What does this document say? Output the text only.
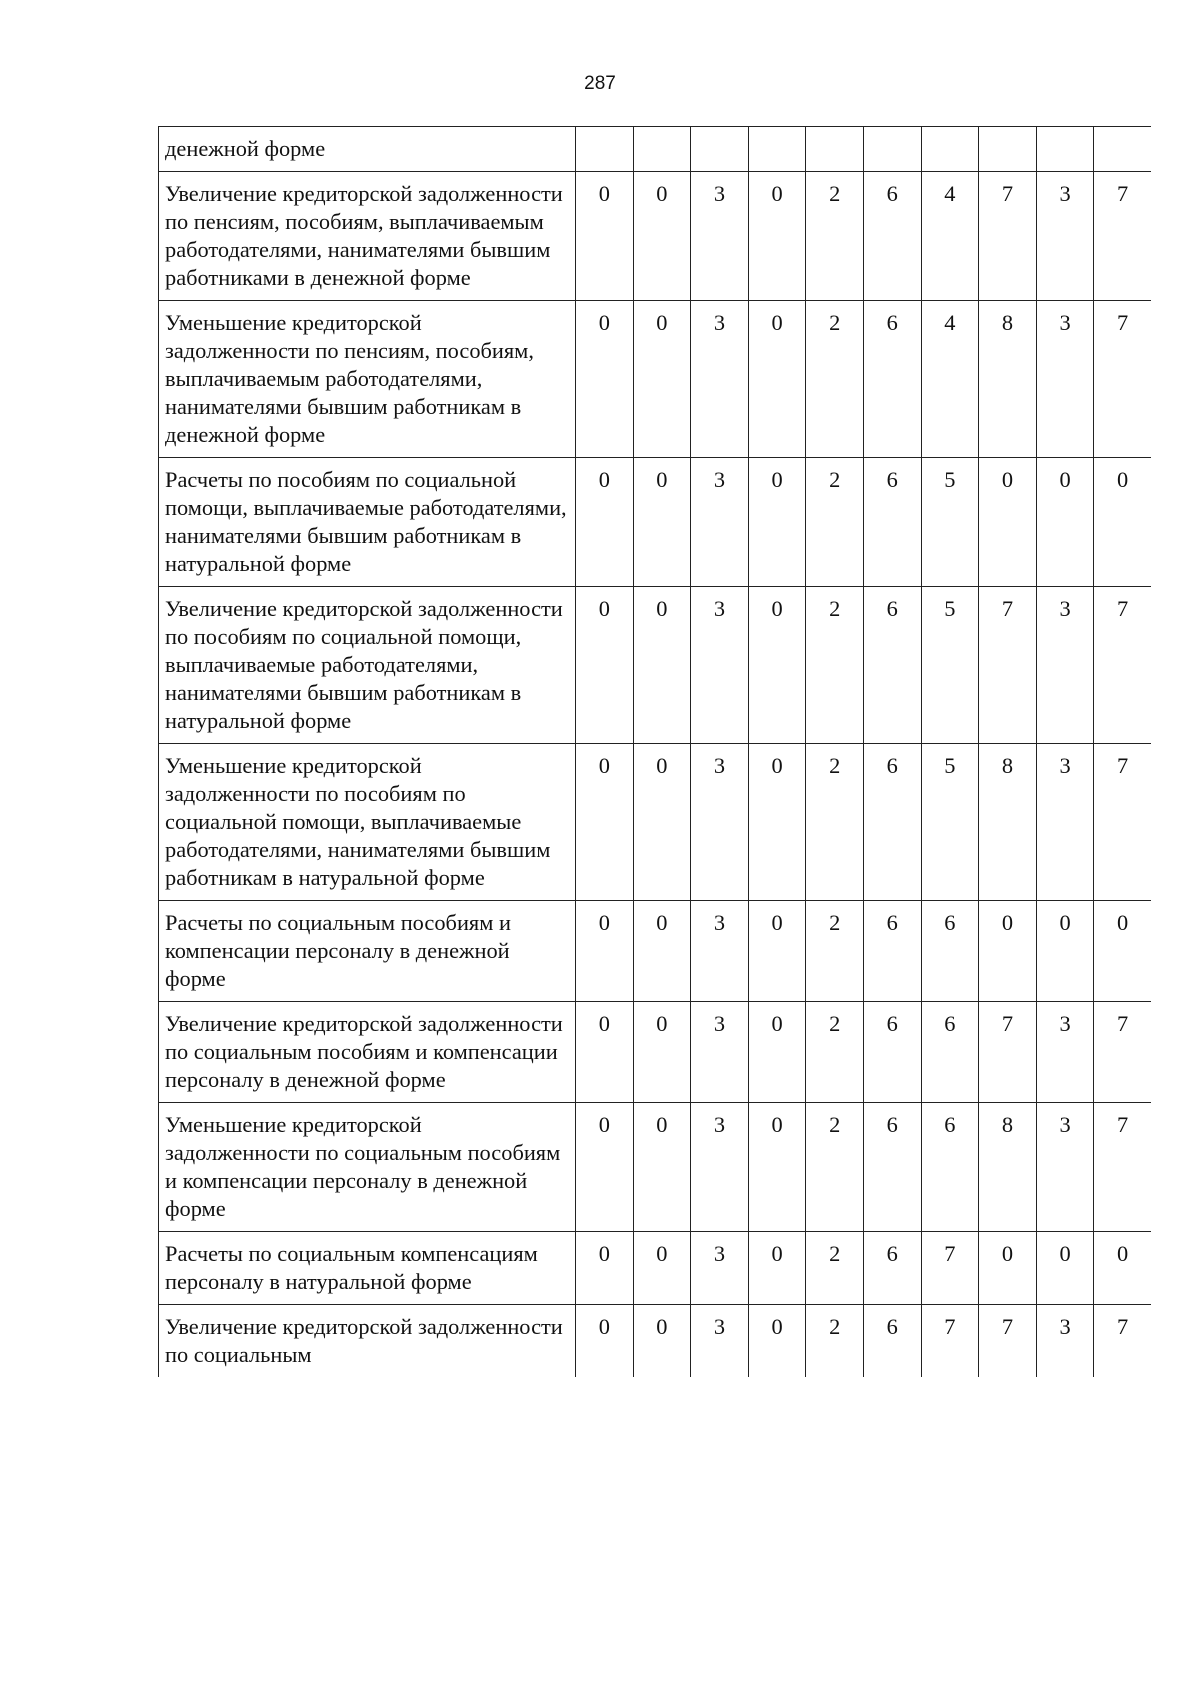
287
денежной форме										
Увеличение кредиторской задолженности по пенсиям, пособиям, выплачиваемым работодателями, нанимателями бывшим работниками в денежной форме	0	0	3	0	2	6	4	7	3	7
Уменьшение кредиторской задолженности по пенсиям, пособиям, выплачиваемым работодателями, нанимателями бывшим работникам в денежной форме	0	0	3	0	2	6	4	8	3	7
Расчеты по пособиям по социальной помощи, выплачиваемые работодателями, нанимателями бывшим работникам в натуральной форме	0	0	3	0	2	6	5	0	0	0
Увеличение кредиторской задолженности по пособиям по социальной помощи, выплачиваемые работодателями, нанимателями бывшим работникам в натуральной форме	0	0	3	0	2	6	5	7	3	7
Уменьшение кредиторской задолженности по пособиям по социальной помощи, выплачиваемые работодателями, нанимателями бывшим работникам в натуральной форме	0	0	3	0	2	6	5	8	3	7
Расчеты по социальным пособиям и компенсации персоналу в денежной форме	0	0	3	0	2	6	6	0	0	0
Увеличение кредиторской задолженности по социальным пособиям и компенсации персоналу в денежной форме	0	0	3	0	2	6	6	7	3	7
Уменьшение кредиторской задолженности по социальным пособиям и компенсации персоналу в денежной форме	0	0	3	0	2	6	6	8	3	7
Расчеты по социальным компенсациям персоналу в натуральной форме	0	0	3	0	2	6	7	0	0	0
Увеличение кредиторской задолженности по социальным	0	0	3	0	2	6	7	7	3	7
